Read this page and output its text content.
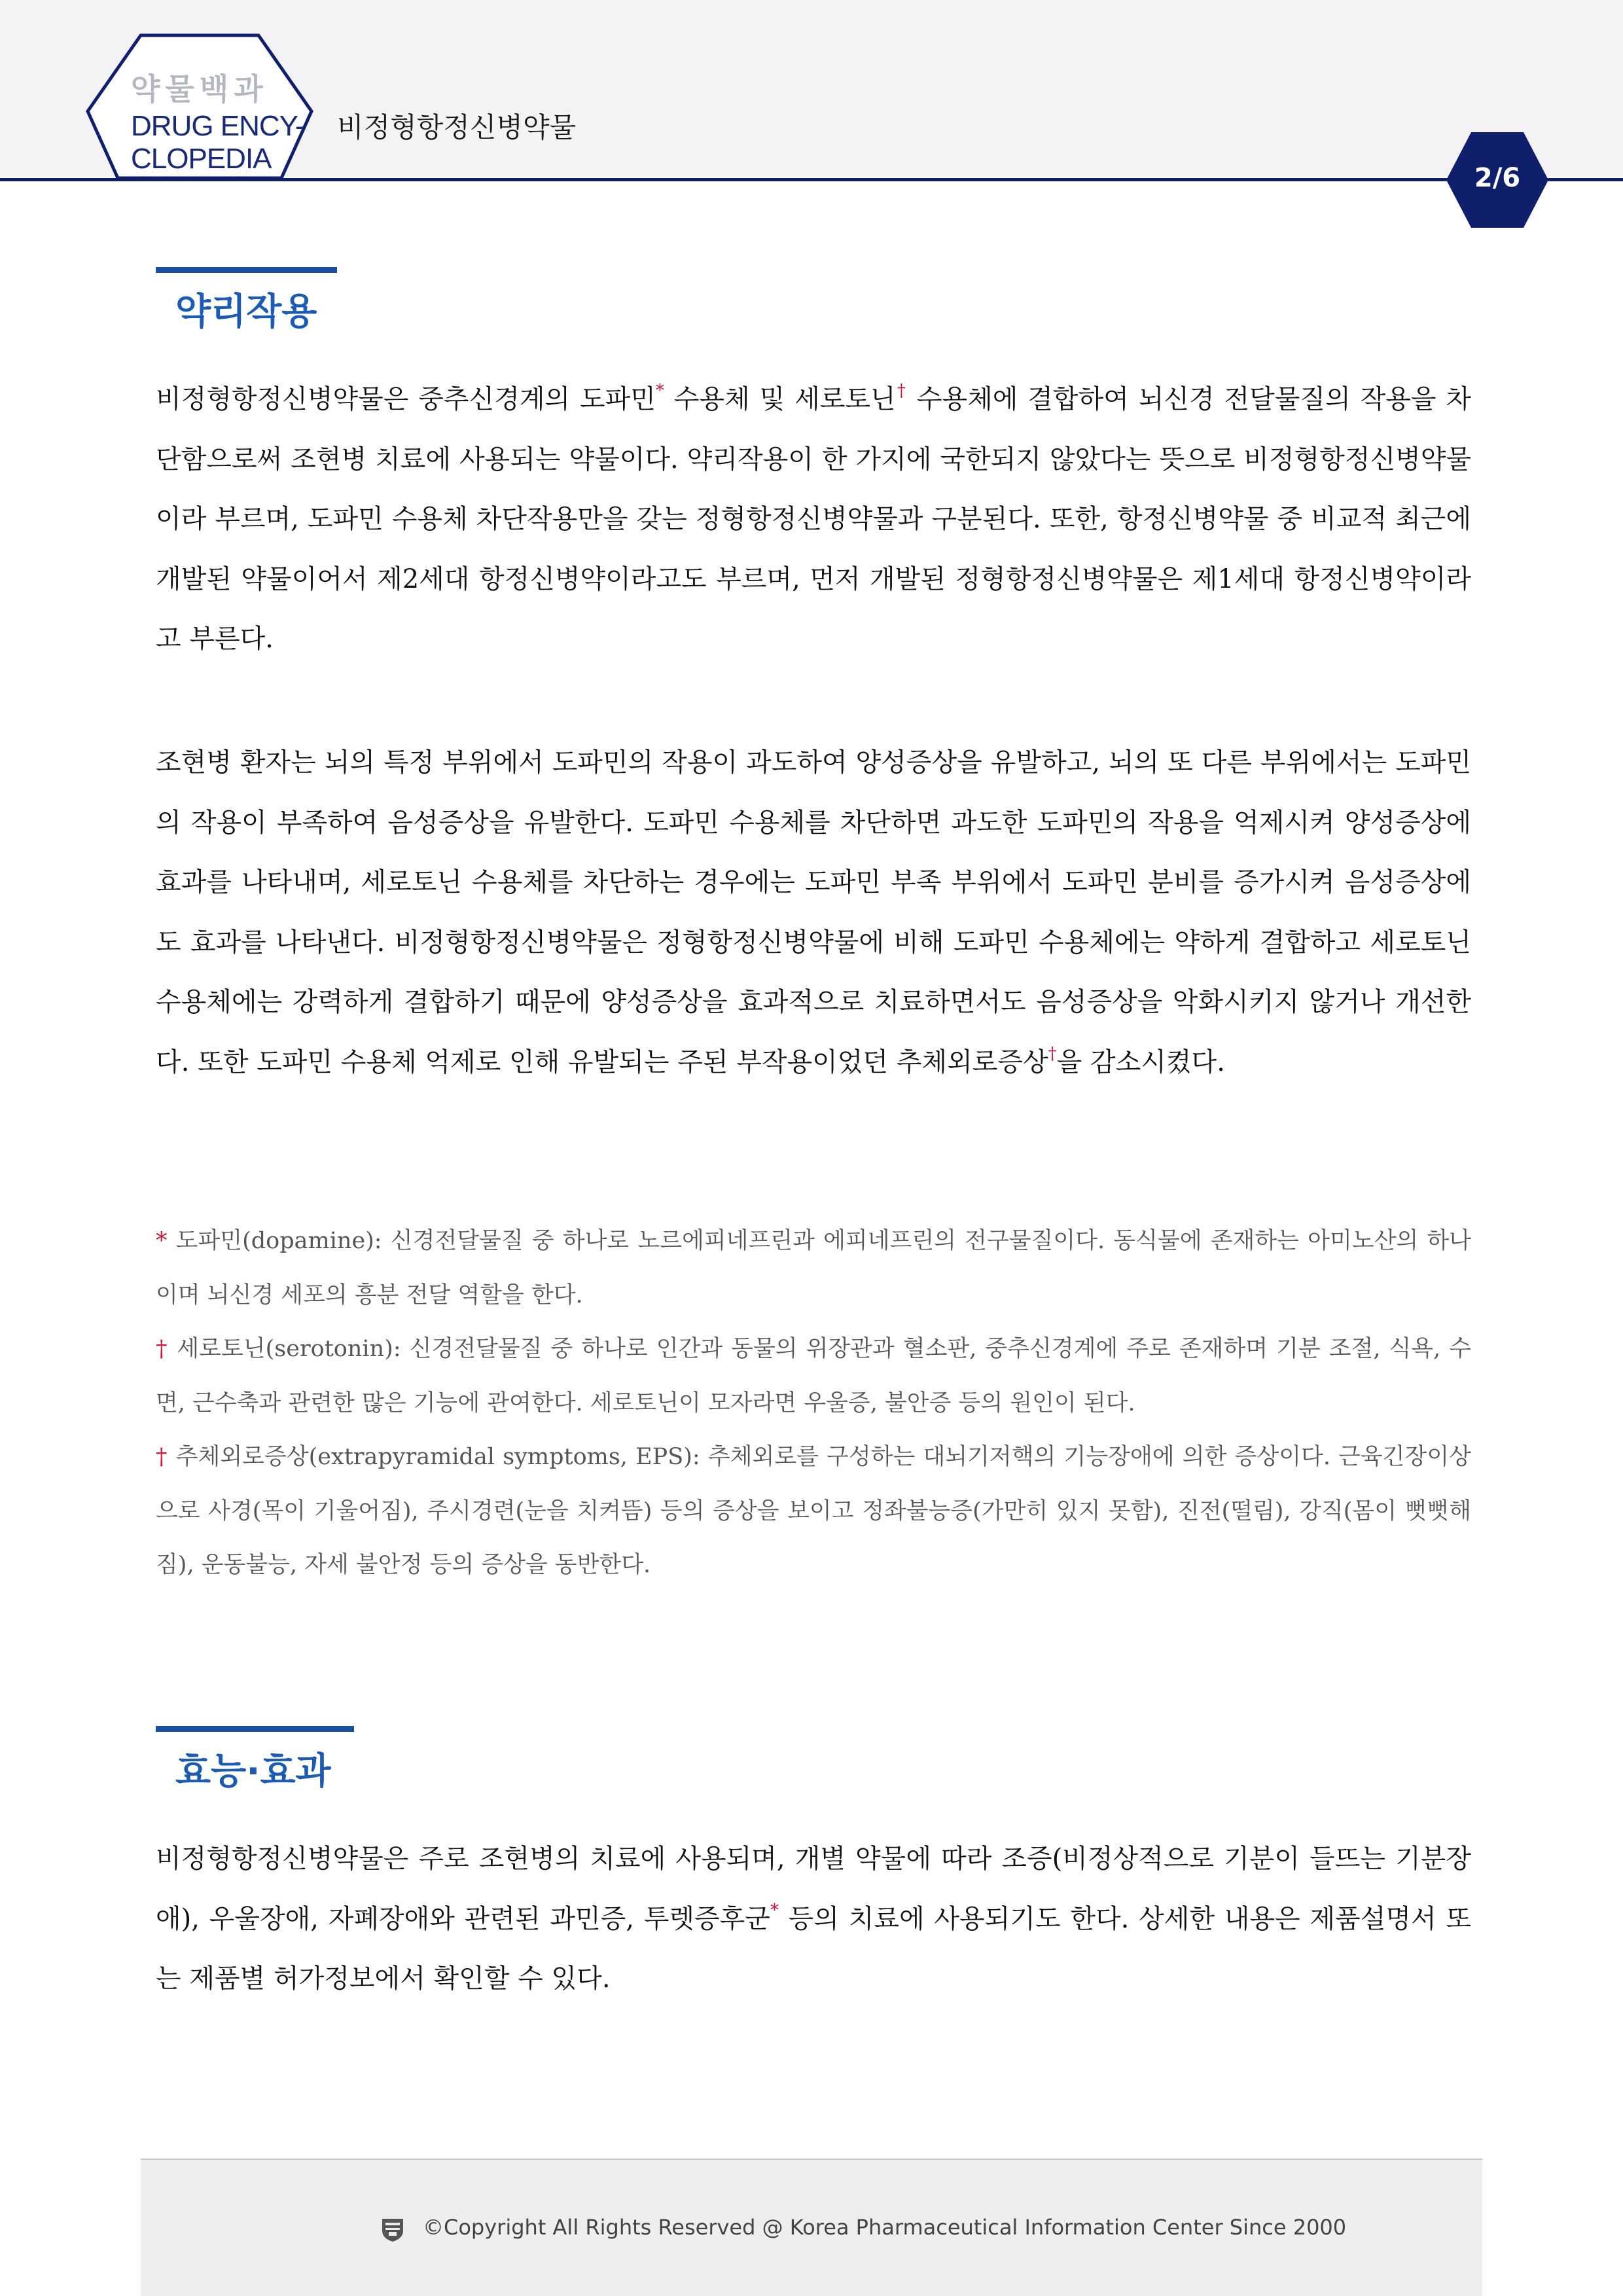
약물백과
DRUG ENCY-
CLOPEDIA
비정형항정신병약물
2/6
약리작용
비정형항정신병약물은 중추신경계의 도파민* 수용체 및 세로토닌† 수용체에 결합하여 뇌신경 전달물질의 작용을 차단함으로써 조현병 치료에 사용되는 약물이다. 약리작용이 한 가지에 국한되지 않았다는 뜻으로 비정형항정신병약물이라 부르며, 도파민 수용체 차단작용만을 갖는 정형항정신병약물과 구분된다. 또한, 항정신병약물 중 비교적 최근에 개발된 약물이어서 제2세대 항정신병약이라고도 부르며, 먼저 개발된 정형항정신병약물은 제1세대 항정신병약이라고 부른다.
조현병 환자는 뇌의 특정 부위에서 도파민의 작용이 과도하여 양성증상을 유발하고, 뇌의 또 다른 부위에서는 도파민의 작용이 부족하여 음성증상을 유발한다. 도파민 수용체를 차단하면 과도한 도파민의 작용을 억제시켜 양성증상에 효과를 나타내며, 세로토닌 수용체를 차단하는 경우에는 도파민 부족 부위에서 도파민 분비를 증가시켜 음성증상에도 효과를 나타낸다. 비정형항정신병약물은 정형항정신병약물에 비해 도파민 수용체에는 약하게 결합하고 세로토닌 수용체에는 강력하게 결합하기 때문에 양성증상을 효과적으로 치료하면서도 음성증상을 악화시키지 않거나 개선한다. 또한 도파민 수용체 억제로 인해 유발되는 주된 부작용이었던 추체외로증상†을 감소시켰다.

* 도파민(dopamine): 신경전달물질 중 하나로 노르에피네프린과 에피네프린의 전구물질이다. 동식물에 존재하는 아미노산의 하나이며 뇌신경 세포의 흥분 전달 역할을 한다.

† 세로토닌(serotonin): 신경전달물질 중 하나로 인간과 동물의 위장관과 혈소판, 중추신경계에 주로 존재하며 기분 조절, 식욕, 수면, 근수축과 관련한 많은 기능에 관여한다. 세로토닌이 모자라면 우울증, 불안증 등의 원인이 된다.

† 추체외로증상(extrapyramidal symptoms, EPS): 추체외로를 구성하는 대뇌기저핵의 기능장애에 의한 증상이다. 근육긴장이상으로 사경(목이 기울어짐), 주시경련(눈을 치켜뜸) 등의 증상을 보이고 정좌불능증(가만히 있지 못함), 진전(떨림), 강직(몸이 뻣뻣해짐), 운동불능, 자세 불안정 등의 증상을 동반한다.

효능·효과
비정형항정신병약물은 주로 조현병의 치료에 사용되며, 개별 약물에 따라 조증(비정상적으로 기분이 들뜨는 기분장애), 우울장애, 자폐장애와 관련된 과민증, 투렛증후군* 등의 치료에 사용되기도 한다. 상세한 내용은 제품설명서 또는 제품별 허가정보에서 확인할 수 있다.
©Copyright All Rights Reserved @ Korea Pharmaceutical Information Center Since 2000
